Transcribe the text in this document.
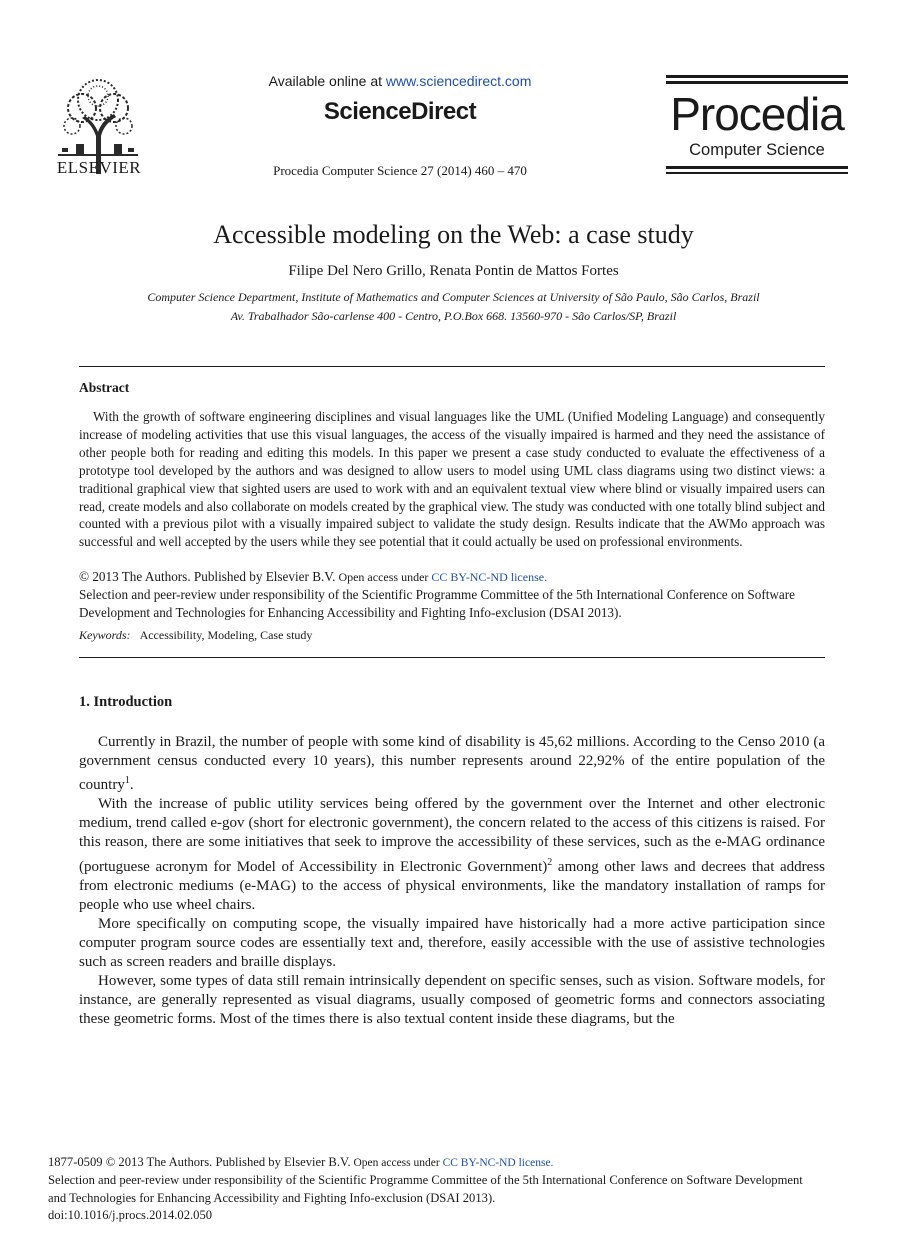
ELSEVIER
Available online at www.sciencedirect.com
ScienceDirect
Procedia Computer Science 27 (2014) 460 – 470
Procedia
Computer Science
Accessible modeling on the Web: a case study
Filipe Del Nero Grillo, Renata Pontin de Mattos Fortes
Computer Science Department, Institute of Mathematics and Computer Sciences at University of São Paulo, São Carlos, Brazil
Av. Trabalhador São-carlense 400 - Centro, P.O.Box 668. 13560-970 - São Carlos/SP, Brazil
Abstract
With the growth of software engineering disciplines and visual languages like the UML (Unified Modeling Language) and consequently increase of modeling activities that use this visual languages, the access of the visually impaired is harmed and they need the assistance of other people both for reading and editing this models. In this paper we present a case study conducted to evaluate the effectiveness of a prototype tool developed by the authors and was designed to allow users to model using UML class diagrams using two distinct views: a traditional graphical view that sighted users are used to work with and an equivalent textual view where blind or visually impaired users can read, create models and also collaborate on models created by the graphical view. The study was conducted with one totally blind subject and counted with a previous pilot with a visually impaired subject to validate the study design. Results indicate that the AWMo approach was successful and well accepted by the users while they see potential that it could actually be used on professional environments.
© 2013 The Authors. Published by Elsevier B.V. Open access under CC BY-NC-ND license.
Selection and peer-review under responsibility of the Scientific Programme Committee of the 5th International Conference on Software Development and Technologies for Enhancing Accessibility and Fighting Info-exclusion (DSAI 2013).
Keywords: Accessibility, Modeling, Case study
1. Introduction

Currently in Brazil, the number of people with some kind of disability is 45,62 millions. According to the Censo 2010 (a government census conducted every 10 years), this number represents around 22,92% of the entire population of the country$^1$.

With the increase of public utility services being offered by the government over the Internet and other electronic medium, trend called e-gov (short for electronic government), the concern related to the access of this citizens is raised. For this reason, there are some initiatives that seek to improve the accessibility of these services, such as the e-MAG ordinance (portuguese acronym for Model of Accessibility in Electronic Government)$^2$ among other laws and decrees that address from electronic mediums (e-MAG) to the access of physical environments, like the mandatory installation of ramps for people who use wheel chairs.

More specifically on computing scope, the visually impaired have historically had a more active participation since computer program source codes are essentially text and, therefore, easily accessible with the use of assistive technologies such as screen readers and braille displays.

However, some types of data still remain intrinsically dependent on specific senses, such as vision. Software models, for instance, are generally represented as visual diagrams, usually composed of geometric forms and connectors associating these geometric forms. Most of the times there is also textual content inside these diagrams, but the

1877-0509 © 2013 The Authors. Published by Elsevier B.V. Open access under CC BY-NC-ND license.
Selection and peer-review under responsibility of the Scientific Programme Committee of the 5th International Conference on Software Development
and Technologies for Enhancing Accessibility and Fighting Info-exclusion (DSAI 2013).
doi:10.1016/j.procs.2014.02.050
